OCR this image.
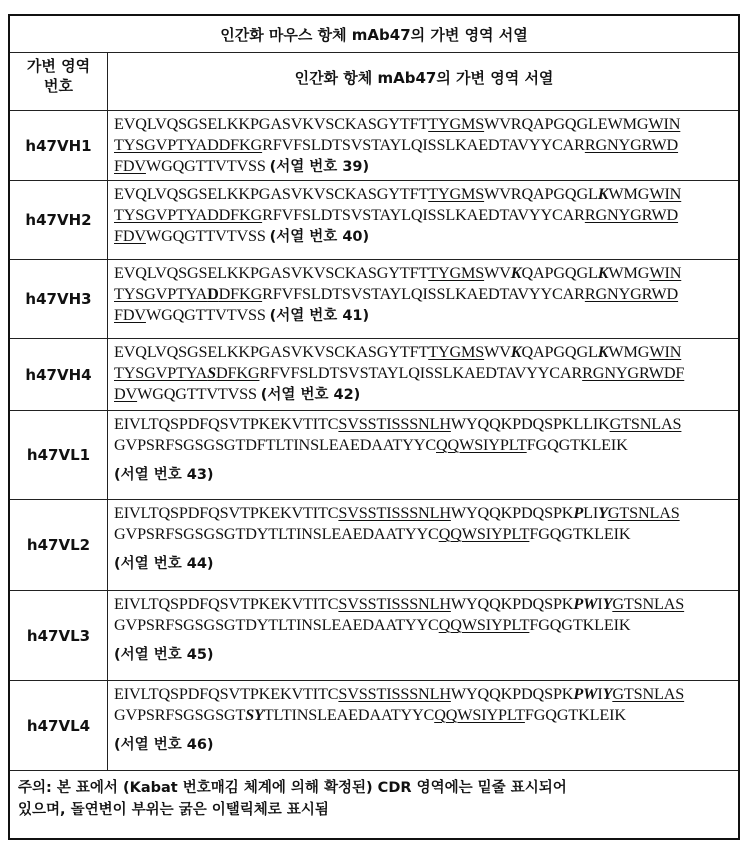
인간화 마우스 항체 mAb47의 가변 영역 서열
가변 영역
번호	인간화 항체 mAb47의 가변 영역 서열
h47VH1
EVQLVQSGSELKKPGASVKVSCKASGYTFTTYGMSWVRQAPGQGLEWMGWIN
TYSGVPTYADDFKGRFVFSLDTSVSTAYLQISSLKAEDTAVYYCARRGNYGRWD
FDVWGQGTTVTVSS (서열 번호 39)
h47VH2
EVQLVQSGSELKKPGASVKVSCKASGYTFTTYGMSWVRQAPGQGLKWMGWIN
TYSGVPTYADDFKGRFVFSLDTSVSTAYLQISSLKAEDTAVYYCARRGNYGRWD
FDVWGQGTTVTVSS (서열 번호 40)
h47VH3
EVQLVQSGSELKKPGASVKVSCKASGYTFTTYGMSWVKQAPGQGLKWMGWIN
TYSGVPTYADDFKGRFVFSLDTSVSTAYLQISSLKAEDTAVYYCARRGNYGRWD
FDVWGQGTTVTVSS (서열 번호 41)
h47VH4
EVQLVQSGSELKKPGASVKVSCKASGYTFTTYGMSWVKQAPGQGLKWMGWIN
TYSGVPTYASDFKGRFVFSLDTSVSTAYLQISSLKAEDTAVYYCARRGNYGRWDF
DVWGQGTTVTVSS (서열 번호 42)
h47VL1
EIVLTQSPDFQSVTPKEKVTITCSVSSTISSSNLHWYQQKPDQSPKLLIKGTSNLAS
GVPSRFSGSGSGTDFTLTINSLEAEDAATYYCQQWSIYPLTFGQGTKLEIK
(서열 번호 43)
h47VL2
EIVLTQSPDFQSVTPKEKVTITCSVSSTISSSNLHWYQQKPDQSPKPLIYGTSNLAS
GVPSRFSGSGSGTDYTLTINSLEAEDAATYYCQQWSIYPLTFGQGTKLEIK
(서열 번호 44)
h47VL3
EIVLTQSPDFQSVTPKEKVTITCSVSSTISSSNLHWYQQKPDQSPKPWIYGTSNLAS
GVPSRFSGSGSGTDYTLTINSLEAEDAATYYCQQWSIYPLTFGQGTKLEIK
(서열 번호 45)
h47VL4
EIVLTQSPDFQSVTPKEKVTITCSVSSTISSSNLHWYQQKPDQSPKPWIYGTSNLAS
GVPSRFSGSGSGTSYTLTINSLEAEDAATYYCQQWSIYPLTFGQGTKLEIK
(서열 번호 46)
주의: 본 표에서 (Kabat 번호매김 체계에 의해 확정된) CDR 영역에는 밑줄 표시되어
있으며, 돌연변이 부위는 굵은 이탤릭체로 표시됨
